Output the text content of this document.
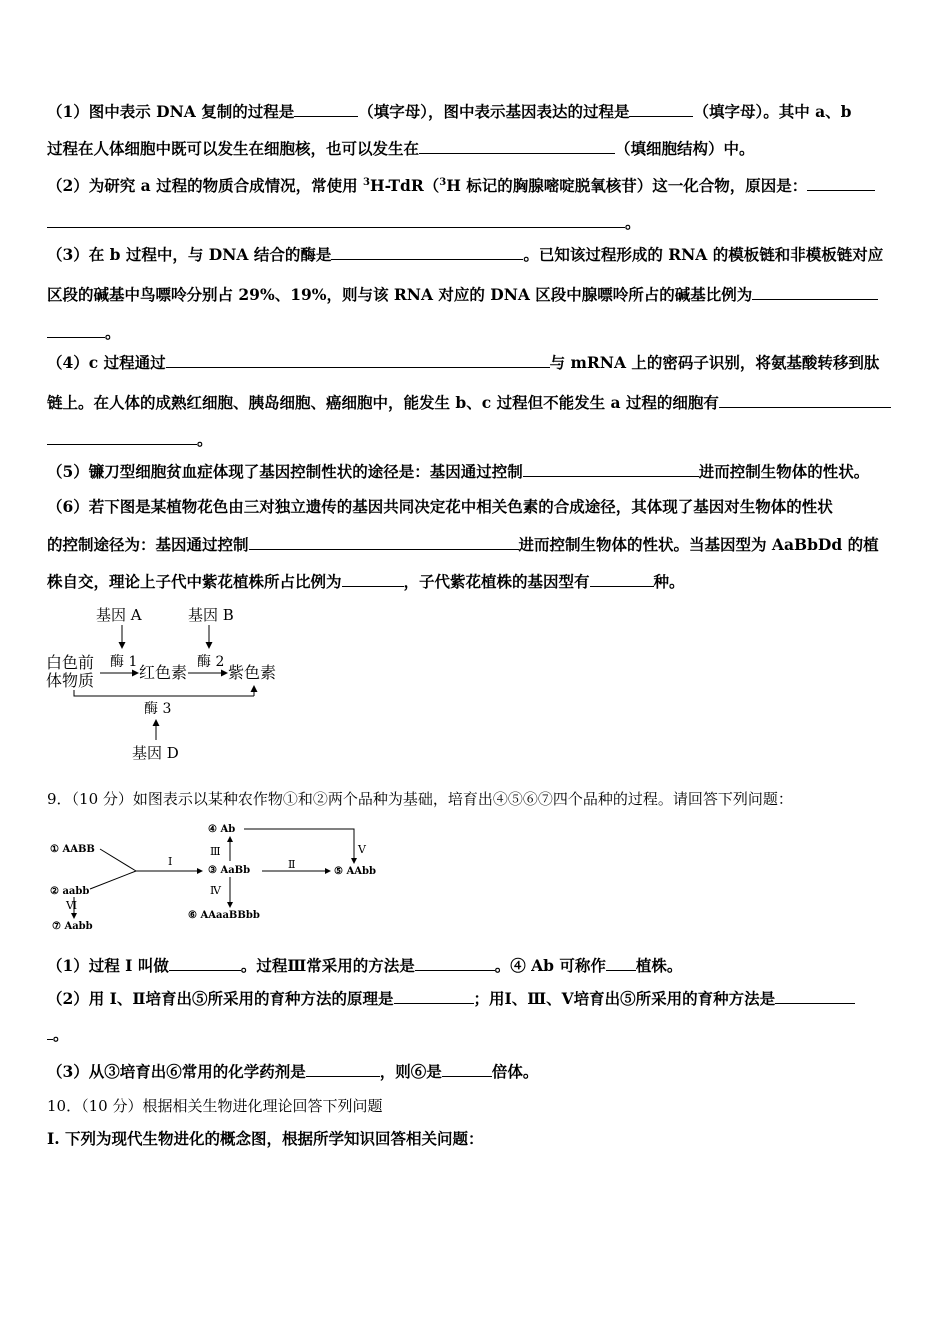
（1）图中表示 DNA 复制的过程是	（填字母），图中表示基因表达的过程是	（填字母）。其中 a、b
过程在人体细胞中既可以发生在细胞核，也可以发生在	（填细胞结构）中。
（2）为研究 a 过程的物质合成情况，常使用 $^3$H-TdR（$^3$H 标记的胸腺嘧啶脱氧核苷）这一化合物，原因是：
。
（3）在 b 过程中，与 DNA 结合的酶是	。已知该过程形成的 RNA 的模板链和非模板链对应
区段的碱基中鸟嘌呤分别占 29%、19%，则与该 RNA 对应的 DNA 区段中腺嘌呤所占的碱基比例为
。
（4）c 过程通过	与 mRNA 上的密码子识别，将氨基酸转移到肽
链上。在人体的成熟红细胞、胰岛细胞、癌细胞中，能发生 b、c 过程但不能发生 a 过程的细胞有
。
（5）镰刀型细胞贫血症体现了基因控制性状的途径是：基因通过控制	进而控制生物体的性状。
（6）若下图是某植物花色由三对独立遗传的基因共同决定花中相关色素的合成途径，其体现了基因对生物体的性状
的控制途径为：基因通过控制	进而控制生物体的性状。当基因型为 AaBbDd 的植
株自交，理论上子代中紫花植株所占比例为	，子代紫花植株的基因型有	种。
基因 A	基因 B
酶 1	酶 2
白色前
体物质	红色素	紫色素
酶 3
基因 D
9．（10 分）如图表示以某种农作物①和②两个品种为基础，培育出④⑤⑥⑦四个品种的过程。请回答下列问题：
① AABB
② aabb
④ Ab
③ AaBb	⑤ AAbb
⑥ AAaaBBbb
⑦ Aabb
Ⅰ	Ⅱ
Ⅲ
Ⅳ
Ⅴ
Ⅵ
（1）过程 I 叫做	。过程Ⅲ常采用的方法是	。④ Ab 可称作 植株。
（2）用 I、Ⅱ培育出⑤所采用的育种方法的原理是	；用Ⅰ、Ⅲ、Ⅴ培育出⑤所采用的育种方法是
。
（3）从③培育出⑥常用的化学药剂是	，则⑥是	倍体。
10．（10 分）根据相关生物进化理论回答下列问题
I. 下列为现代生物进化的概念图，根据所学知识回答相关问题：
